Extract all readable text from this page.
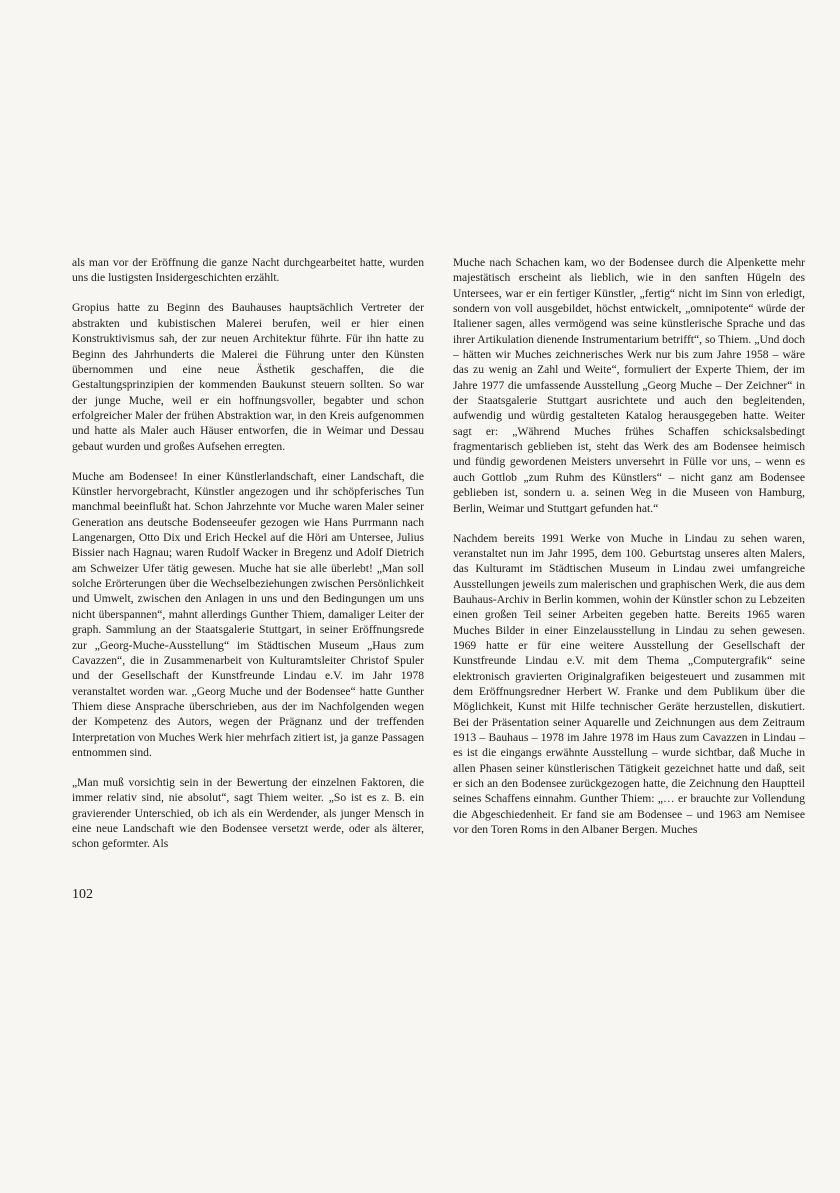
als man vor der Eröffnung die ganze Nacht durchgearbeitet hatte, wurden uns die lustigsten Insidergeschichten erzählt.

Gropius hatte zu Beginn des Bauhauses hauptsächlich Vertreter der abstrakten und kubistischen Malerei berufen, weil er hier einen Konstruktivismus sah, der zur neuen Architektur führte. Für ihn hatte zu Beginn des Jahrhunderts die Malerei die Führung unter den Künsten übernommen und eine neue Ästhetik geschaffen, die die Gestaltungsprinzipien der kommenden Baukunst steuern sollten. So war der junge Muche, weil er ein hoffnungsvoller, begabter und schon erfolgreicher Maler der frühen Abstraktion war, in den Kreis aufgenommen und hatte als Maler auch Häuser entworfen, die in Weimar und Dessau gebaut wurden und großes Aufsehen erregten.

Muche am Bodensee! In einer Künstlerlandschaft, einer Landschaft, die Künstler hervorgebracht, Künstler angezogen und ihr schöpferisches Tun manchmal beeinflußt hat. Schon Jahrzehnte vor Muche waren Maler seiner Generation ans deutsche Bodenseeufer gezogen wie Hans Purrmann nach Langenargen, Otto Dix und Erich Heckel auf die Höri am Untersee, Julius Bissier nach Hagnau; waren Rudolf Wacker in Bregenz und Adolf Dietrich am Schweizer Ufer tätig gewesen. Muche hat sie alle überlebt! „Man soll solche Erörterungen über die Wechselbeziehungen zwischen Persönlichkeit und Umwelt, zwischen den Anlagen in uns und den Bedingungen um uns nicht überspannen“, mahnt allerdings Gunther Thiem, damaliger Leiter der graph. Sammlung an der Staatsgalerie Stuttgart, in seiner Eröffnungsrede zur „Georg-Muche-Ausstellung“ im Städtischen Museum „Haus zum Cavazzen“, die in Zusammenarbeit von Kulturamtsleiter Christof Spuler und der Gesellschaft der Kunstfreunde Lindau e.V. im Jahr 1978 veranstaltet worden war. „Georg Muche und der Bodensee“ hatte Gunther Thiem diese Ansprache überschrieben, aus der im Nachfolgenden wegen der Kompetenz des Autors, wegen der Prägnanz und der treffenden Interpretation von Muches Werk hier mehrfach zitiert ist, ja ganze Passagen entnommen sind.

„Man muß vorsichtig sein in der Bewertung der einzelnen Faktoren, die immer relativ sind, nie absolut“, sagt Thiem weiter. „So ist es z. B. ein gravierender Unterschied, ob ich als ein Werdender, als junger Mensch in eine neue Landschaft wie den Bodensee versetzt werde, oder als älterer, schon geformter. Als

Muche nach Schachen kam, wo der Bodensee durch die Alpenkette mehr majestätisch erscheint als lieblich, wie in den sanften Hügeln des Untersees, war er ein fertiger Künstler, „fertig“ nicht im Sinn von erledigt, sondern von voll ausgebildet, höchst entwickelt, „omnipotente“ würde der Italiener sagen, alles vermögend was seine künstlerische Sprache und das ihrer Artikulation dienende Instrumentarium betrifft“, so Thiem. „Und doch – hätten wir Muches zeichnerisches Werk nur bis zum Jahre 1958 – wäre das zu wenig an Zahl und Weite“, formuliert der Experte Thiem, der im Jahre 1977 die umfassende Ausstellung „Georg Muche – Der Zeichner“ in der Staatsgalerie Stuttgart ausrichtete und auch den begleitenden, aufwendig und würdig gestalteten Katalog herausgegeben hatte. Weiter sagt er: „Während Muches frühes Schaffen schicksalsbedingt fragmentarisch geblieben ist, steht das Werk des am Bodensee heimisch und fündig gewordenen Meisters unversehrt in Fülle vor uns, – wenn es auch Gottlob „zum Ruhm des Künstlers“ – nicht ganz am Bodensee geblieben ist, sondern u. a. seinen Weg in die Museen von Hamburg, Berlin, Weimar und Stuttgart gefunden hat.“

Nachdem bereits 1991 Werke von Muche in Lindau zu sehen waren, veranstaltet nun im Jahr 1995, dem 100. Geburtstag unseres alten Malers, das Kulturamt im Städtischen Museum in Lindau zwei umfangreiche Ausstellungen jeweils zum malerischen und graphischen Werk, die aus dem Bauhaus-Archiv in Berlin kommen, wohin der Künstler schon zu Lebzeiten einen großen Teil seiner Arbeiten gegeben hatte. Bereits 1965 waren Muches Bilder in einer Einzelausstellung in Lindau zu sehen gewesen. 1969 hatte er für eine weitere Ausstellung der Gesellschaft der Kunstfreunde Lindau e.V. mit dem Thema „Computergrafik“ seine elektronisch gravierten Originalgrafiken beigesteuert und zusammen mit dem Eröffnungsredner Herbert W. Franke und dem Publikum über die Möglichkeit, Kunst mit Hilfe technischer Geräte herzustellen, diskutiert. Bei der Präsentation seiner Aquarelle und Zeichnungen aus dem Zeitraum 1913 – Bauhaus – 1978 im Jahre 1978 im Haus zum Cavazzen in Lindau – es ist die eingangs erwähnte Ausstellung – wurde sichtbar, daß Muche in allen Phasen seiner künstlerischen Tätigkeit gezeichnet hatte und daß, seit er sich an den Bodensee zurückgezogen hatte, die Zeichnung den Hauptteil seines Schaffens einnahm. Gunther Thiem: „… er brauchte zur Vollendung die Abgeschiedenheit. Er fand sie am Bodensee – und 1963 am Nemisee vor den Toren Roms in den Albaner Bergen. Muches

102
